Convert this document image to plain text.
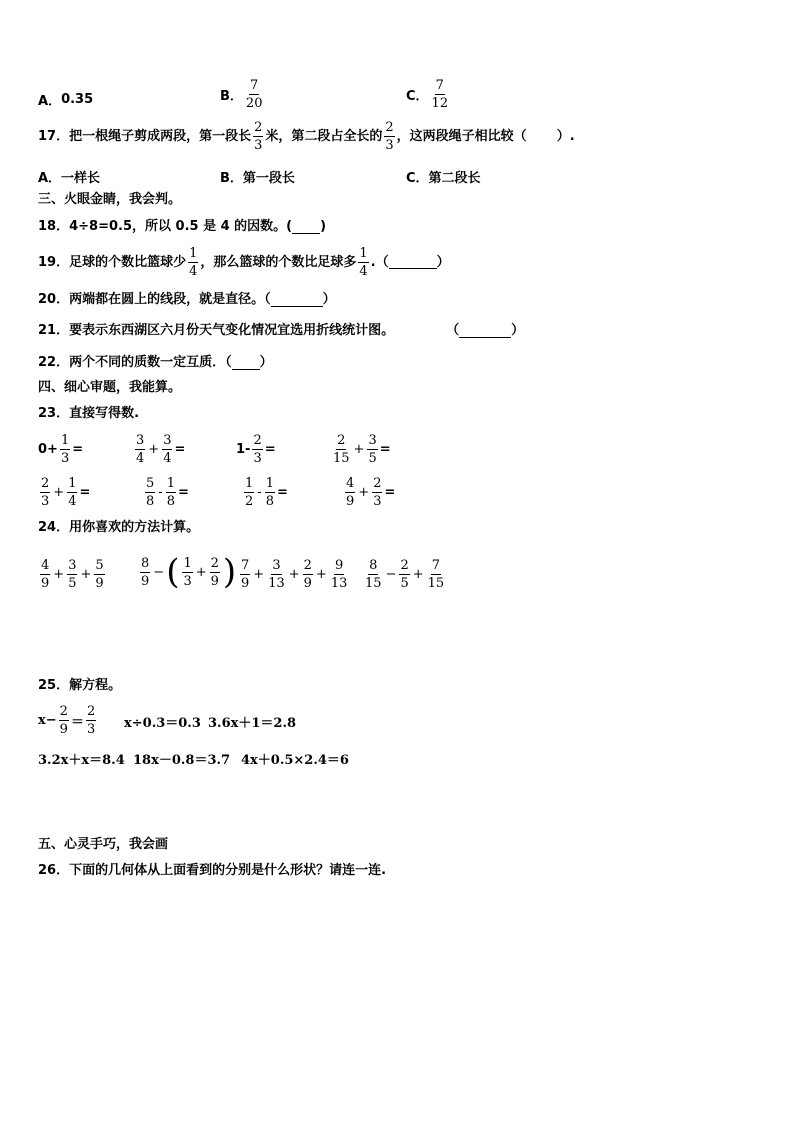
A． 0.35	B． $\frac{7}{20}$	C． $\frac{7}{12}$
17．把一根绳子剪成两段，第一段长 $\frac{2}{3}$ 米，第二段占全长的 $\frac{2}{3}$ ，这两段绳子相比较（ ）.
A．一样长	B．第一段长	C．第二段长
三、火眼金睛，我会判。
18．4÷8=0.5，所以 0.5 是 4 的因数。( )
19．足球的个数比篮球少 $\frac{1}{4}$ ，那么篮球的个数比足球多 $\frac{1}{4}$ .（	）
20．两端都在圆上的线段，就是直径。（	）
21．要表示东西湖区六月份天气变化情况宜选用折线统计图。	（	）
22．两个不同的质数一定互质．（ ）
四、细心审题，我能算。
23．直接写得数.
$0+ \frac{1}{3}$ =	$\frac{3}{4} + \frac{3}{4}$ =	$1- \frac{2}{3}$ =	$\frac{2}{15} + \frac{3}{5}$ =
$\frac{2}{3} + \frac{1}{4}$ =	$\frac{5}{8} - \frac{1}{8}$ =	$\frac{1}{2} - \frac{1}{8}$ =	$\frac{4}{9} + \frac{2}{3}$ =
24．用你喜欢的方法计算。
$\frac{4}{9} + \frac{3}{5} + \frac{5}{9}$	$\frac{8}{9}$ − ( $\frac{1}{3} + \frac{2}{9}$ ) $\frac{7}{9} + \frac{3}{13} + \frac{2}{9} + \frac{9}{13} \frac{8}{15} - \frac{2}{5} + \frac{7}{15}$
25．解方程。
$x- \frac{2}{9} = \frac{2}{3} x\div 0.3=0.3$ 3.6x＋1＝2.8
3.2x＋x＝8.4 18x－0.8＝3.7 4x＋0.5×2.4＝6
五、心灵手巧，我会画
26．下面的几何体从上面看到的分别是什么形状？请连一连.
